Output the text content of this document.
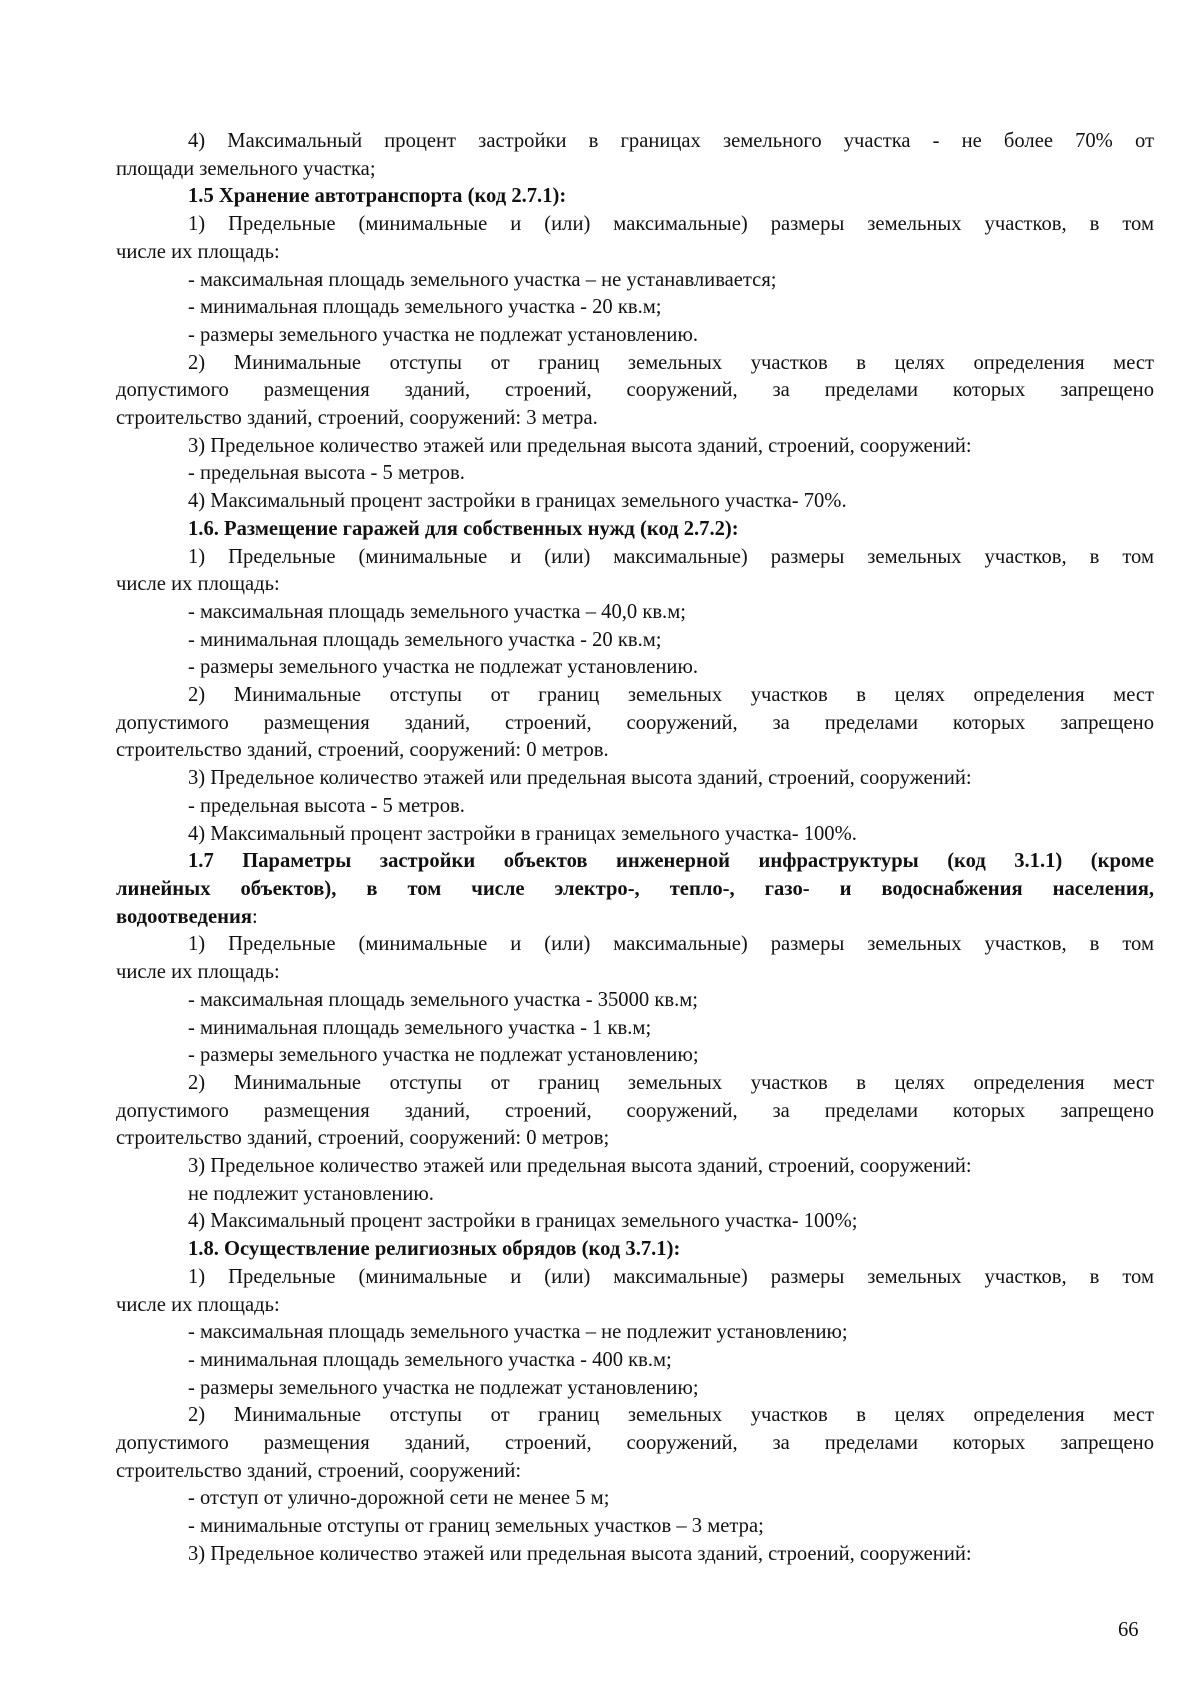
4) Максимальный процент застройки в границах земельного участка - не более 70% от

площади земельного участка;

1.5 Хранение автотранспорта (код 2.7.1):

1) Предельные (минимальные и (или) максимальные) размеры земельных участков, в том

числе их площадь:

- максимальная площадь земельного участка – не устанавливается;

- минимальная площадь земельного участка - 20 кв.м;

- размеры земельного участка не подлежат установлению.

2) Минимальные отступы от границ земельных участков в целях определения мест

допустимого размещения зданий, строений, сооружений, за пределами которых запрещено

строительство зданий, строений, сооружений: 3 метра.

3) Предельное количество этажей или предельная высота зданий, строений, сооружений:

- предельная высота - 5 метров.

4) Максимальный процент застройки в границах земельного участка- 70%.

1.6. Размещение гаражей для собственных нужд (код 2.7.2):

1) Предельные (минимальные и (или) максимальные) размеры земельных участков, в том

числе их площадь:

- максимальная площадь земельного участка – 40,0 кв.м;

- минимальная площадь земельного участка - 20 кв.м;

- размеры земельного участка не подлежат установлению.

2) Минимальные отступы от границ земельных участков в целях определения мест

допустимого размещения зданий, строений, сооружений, за пределами которых запрещено

строительство зданий, строений, сооружений: 0 метров.

3) Предельное количество этажей или предельная высота зданий, строений, сооружений:

- предельная высота - 5 метров.

4) Максимальный процент застройки в границах земельного участка- 100%.

1.7 Параметры застройки объектов инженерной инфраструктуры (код 3.1.1) (кроме

линейных объектов), в том числе электро-, тепло-, газо- и водоснабжения населения,

водоотведения:

1) Предельные (минимальные и (или) максимальные) размеры земельных участков, в том

числе их площадь:

- максимальная площадь земельного участка - 35000 кв.м;

- минимальная площадь земельного участка - 1 кв.м;

- размеры земельного участка не подлежат установлению;

2) Минимальные отступы от границ земельных участков в целях определения мест

допустимого размещения зданий, строений, сооружений, за пределами которых запрещено

строительство зданий, строений, сооружений: 0 метров;

3) Предельное количество этажей или предельная высота зданий, строений, сооружений:

не подлежит установлению.

4) Максимальный процент застройки в границах земельного участка- 100%;

1.8. Осуществление религиозных обрядов (код 3.7.1):

1) Предельные (минимальные и (или) максимальные) размеры земельных участков, в том

числе их площадь:

- максимальная площадь земельного участка – не подлежит установлению;

- минимальная площадь земельного участка - 400 кв.м;

- размеры земельного участка не подлежат установлению;

2) Минимальные отступы от границ земельных участков в целях определения мест

допустимого размещения зданий, строений, сооружений, за пределами которых запрещено

строительство зданий, строений, сооружений:

- отступ от улично-дорожной сети не менее 5 м;

- минимальные отступы от границ земельных участков – 3 метра;

3) Предельное количество этажей или предельная высота зданий, строений, сооружений:

66
